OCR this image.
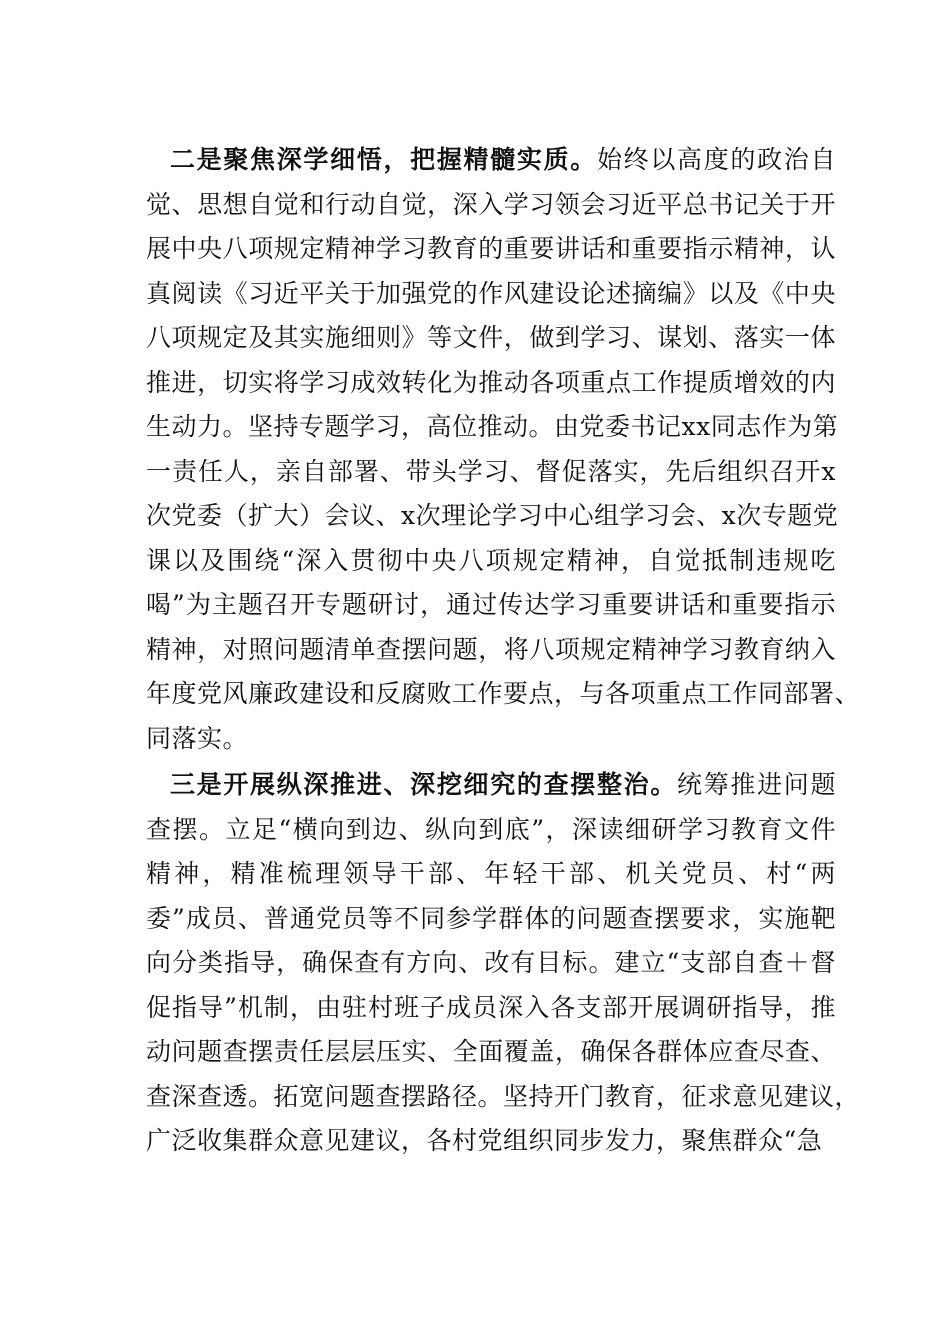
二是聚焦深学细悟，把握精髓实质。始终以高度的政治自
觉、思想自觉和行动自觉，深入学习领会习近平总书记关于开
展中央八项规定精神学习教育的重要讲话和重要指示精神，认
真阅读《习近平关于加强党的作风建设论述摘编》以及《中央
八项规定及其实施细则》等文件，做到学习、谋划、落实一体
推进，切实将学习成效转化为推动各项重点工作提质增效的内
生动力。坚持专题学习，高位推动。由党委书记xx同志作为第
一责任人，亲自部署、带头学习、督促落实，先后组织召开x
次党委（扩大）会议、x次理论学习中心组学习会、x次专题党
课以及围绕“深入贯彻中央八项规定精神，自觉抵制违规吃
喝”为主题召开专题研讨，通过传达学习重要讲话和重要指示
精神，对照问题清单查摆问题，将八项规定精神学习教育纳入
年度党风廉政建设和反腐败工作要点，与各项重点工作同部署、
同落实。
三是开展纵深推进、深挖细究的查摆整治。统筹推进问题
查摆。立足“横向到边、纵向到底”，深读细研学习教育文件
精神，精准梳理领导干部、年轻干部、机关党员、村“两
委”成员、普通党员等不同参学群体的问题查摆要求，实施靶
向分类指导，确保查有方向、改有目标。建立“支部自查＋督
促指导”机制，由驻村班子成员深入各支部开展调研指导，推
动问题查摆责任层层压实、全面覆盖，确保各群体应查尽查、
查深查透。拓宽问题查摆路径。坚持开门教育，征求意见建议，
广泛收集群众意见建议，各村党组织同步发力，聚焦群众“急
